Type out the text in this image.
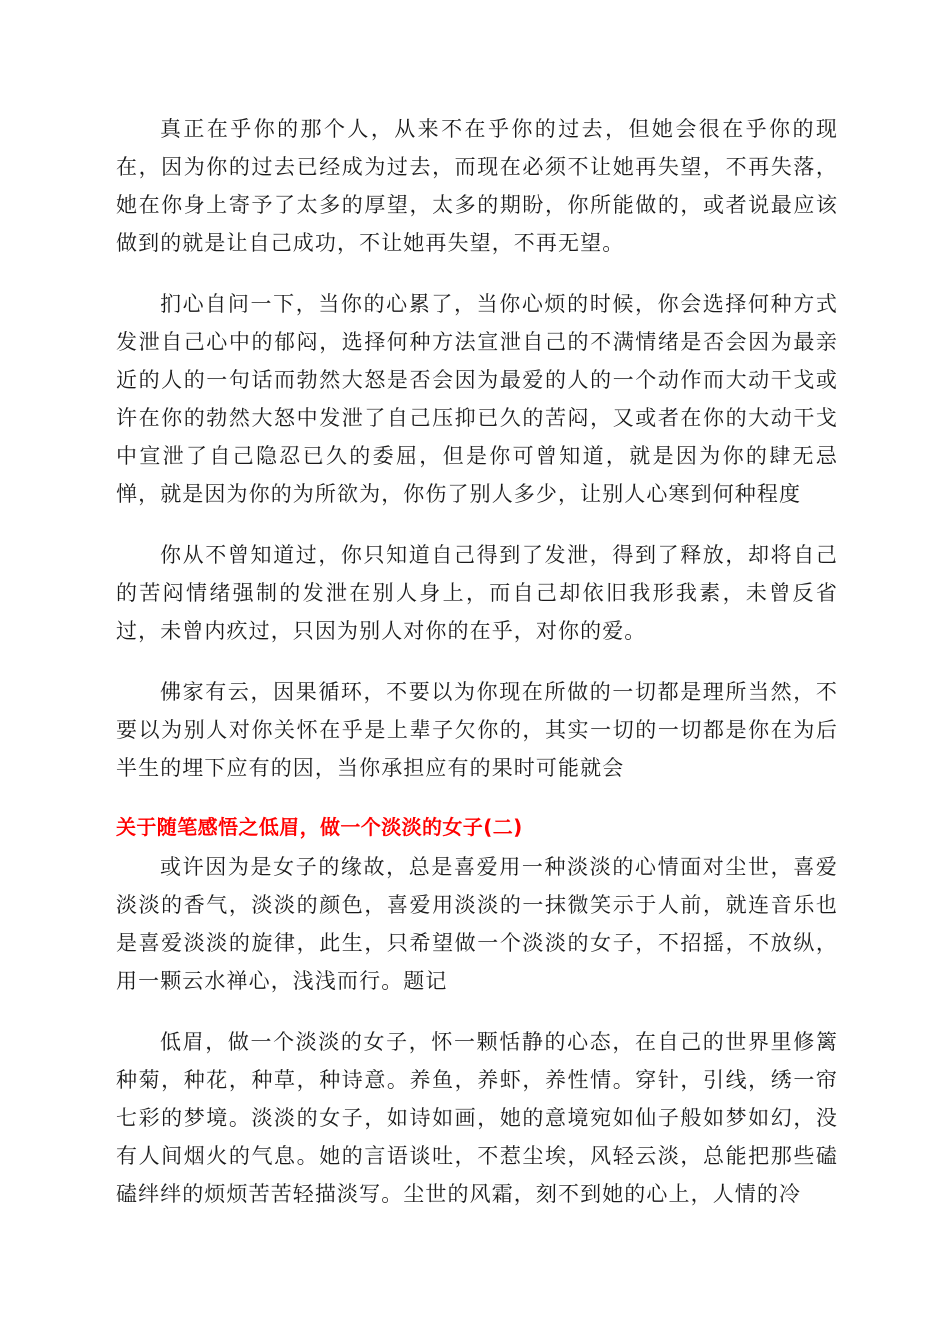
真正在乎你的那个人，从来不在乎你的过去，但她会很在乎你的现在，因为你的过去已经成为过去，而现在必须不让她再失望，不再失落，她在你身上寄予了太多的厚望，太多的期盼，你所能做的，或者说最应该做到的就是让自己成功，不让她再失望，不再无望。

扪心自问一下，当你的心累了，当你心烦的时候，你会选择何种方式发泄自己心中的郁闷，选择何种方法宣泄自己的不满情绪是否会因为最亲近的人的一句话而勃然大怒是否会因为最爱的人的一个动作而大动干戈或许在你的勃然大怒中发泄了自己压抑已久的苦闷，又或者在你的大动干戈中宣泄了自己隐忍已久的委屈，但是你可曾知道，就是因为你的肆无忌惮，就是因为你的为所欲为，你伤了别人多少，让别人心寒到何种程度

你从不曾知道过，你只知道自己得到了发泄，得到了释放，却将自己的苦闷情绪强制的发泄在别人身上，而自己却依旧我形我素，未曾反省过，未曾内疚过，只因为别人对你的在乎，对你的爱。

佛家有云，因果循环，不要以为你现在所做的一切都是理所当然，不要以为别人对你关怀在乎是上辈子欠你的，其实一切的一切都是你在为后半生的埋下应有的因，当你承担应有的果时可能就会

关于随笔感悟之低眉，做一个淡淡的女子(二)

或许因为是女子的缘故，总是喜爱用一种淡淡的心情面对尘世，喜爱淡淡的香气，淡淡的颜色，喜爱用淡淡的一抹微笑示于人前，就连音乐也是喜爱淡淡的旋律，此生，只希望做一个淡淡的女子，不招摇，不放纵，用一颗云水禅心，浅浅而行。题记

低眉，做一个淡淡的女子，怀一颗恬静的心态，在自己的世界里修篱种菊，种花，种草，种诗意。养鱼，养虾，养性情。穿针，引线，绣一帘七彩的梦境。淡淡的女子，如诗如画，她的意境宛如仙子般如梦如幻，没有人间烟火的气息。她的言语谈吐，不惹尘埃，风轻云淡，总能把那些磕磕绊绊的烦烦苦苦轻描淡写。尘世的风霜，刻不到她的心上，人情的冷
